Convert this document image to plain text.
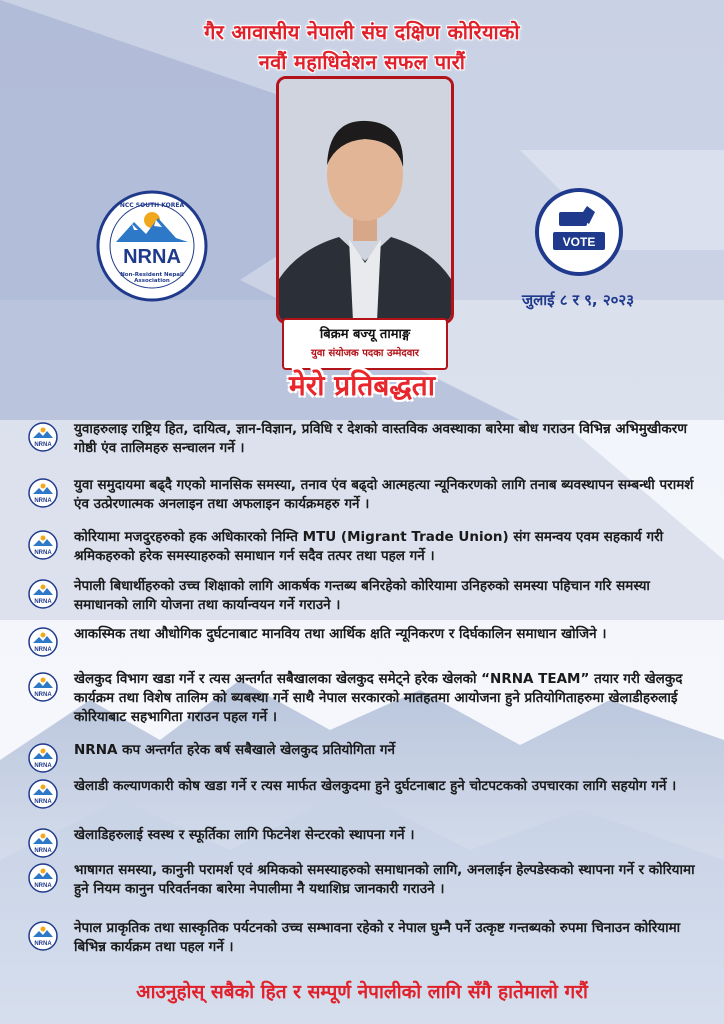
गैर आवासीय नेपाली संघ दक्षिण कोरियाको
नवौं महाधिवेशन सफल पारौं
NCC SOUTH KOREA
NRNA
Non-Resident Nepali Association
बिक्रम बज्यू तामाङ्ग
युवा संयोजक पदका उम्मेदवार
VOTE
जुलाई ८ र ९, २०२३
मेरो प्रतिबद्धता
NRNA
युवाहरुलाइ राष्ट्रिय हित, दायित्व, ज्ञान-विज्ञान, प्रविधि र देशको वास्तविक अवस्थाका बारेमा बोध गराउन विभिन्न अभिमुखीकरण गोष्ठी एंव तालिमहरु सन्चालन गर्ने ।
NRNA
युवा समुदायमा बढ्दै गएको मानसिक समस्या, तनाव एंव बढ्दो आत्महत्या न्यूनिकरणको लागि तनाब ब्यवस्थापन सम्बन्धी परामर्श एंव उत्प्रेरणात्मक अनलाइन तथा अफलाइन कार्यक्रमहरु गर्ने ।
NRNA
कोरियामा मजदुरहरुको हक अधिकारको निम्ति MTU (Migrant Trade Union) संग समन्वय एवम सहकार्य गरी श्रमिकहरुको हरेक समस्याहरुको समाधान गर्न सदैव तत्पर तथा पहल गर्ने ।
NRNA
नेपाली बिधार्थीहरुको उच्च शिक्षाको लागि आकर्षक गन्तब्य बनिरहेको कोरियामा उनिहरुको समस्या पहिचान गरि समस्या समाधानको लागि योजना तथा कार्यान्वयन गर्ने गराउने ।
NRNA
आकस्मिक तथा औधोगिक दुर्घटनाबाट मानविय तथा आर्थिक क्षति न्यूनिकरण र दिर्घकालिन समाधान खोजिने ।
NRNA
खेलकुद विभाग खडा गर्ने र त्यस अन्तर्गत सबैखालका खेलकुद समेट्ने हरेक खेलको “NRNA TEAM” तयार गरी खेलकुद कार्यक्रम तथा विशेष तालिम को ब्यबस्था गर्ने साथै नेपाल सरकारको मातहतमा आयोजना हुने प्रतियोगिताहरुमा खेलाडीहरुलाई कोरियाबाट सहभागिता गराउन पहल गर्ने ।
NRNA
NRNA कप अन्तर्गत हरेक बर्ष सबैखाले खेलकुद प्रतियोगिता गर्ने
NRNA
खेलाडी कल्याणकारी कोष खडा गर्ने र त्यस मार्फत खेलकुदमा हुने दुर्घटनाबाट हुने चोटपटकको उपचारका लागि सहयोग गर्ने ।
NRNA
खेलाडिहरुलाई स्वस्थ र स्फूर्तिका लागि फिटनेश सेन्टरको स्थापना गर्ने ।
NRNA
भाषागत समस्या, कानुनी परामर्श एवं श्रमिकको समस्याहरुको समाधानको लागि, अनलाईन हेल्पडेस्कको स्थापना गर्ने र कोरियामा हुने नियम कानुन परिवर्तनका बारेमा नेपालीमा नै यथाशिघ्र जानकारी गराउने ।
NRNA
नेपाल प्राकृतिक तथा सास्कृतिक पर्यटनको उच्च सम्भावना रहेको र नेपाल घुम्नै पर्ने उत्कृष्ट गन्तब्यको रुपमा चिनाउन कोरियामा बिभिन्न कार्यक्रम तथा पहल गर्ने ।
आउनुहोस् सबैको हित र सम्पूर्ण नेपालीको लागि सँगै हातेमालो गरौं
